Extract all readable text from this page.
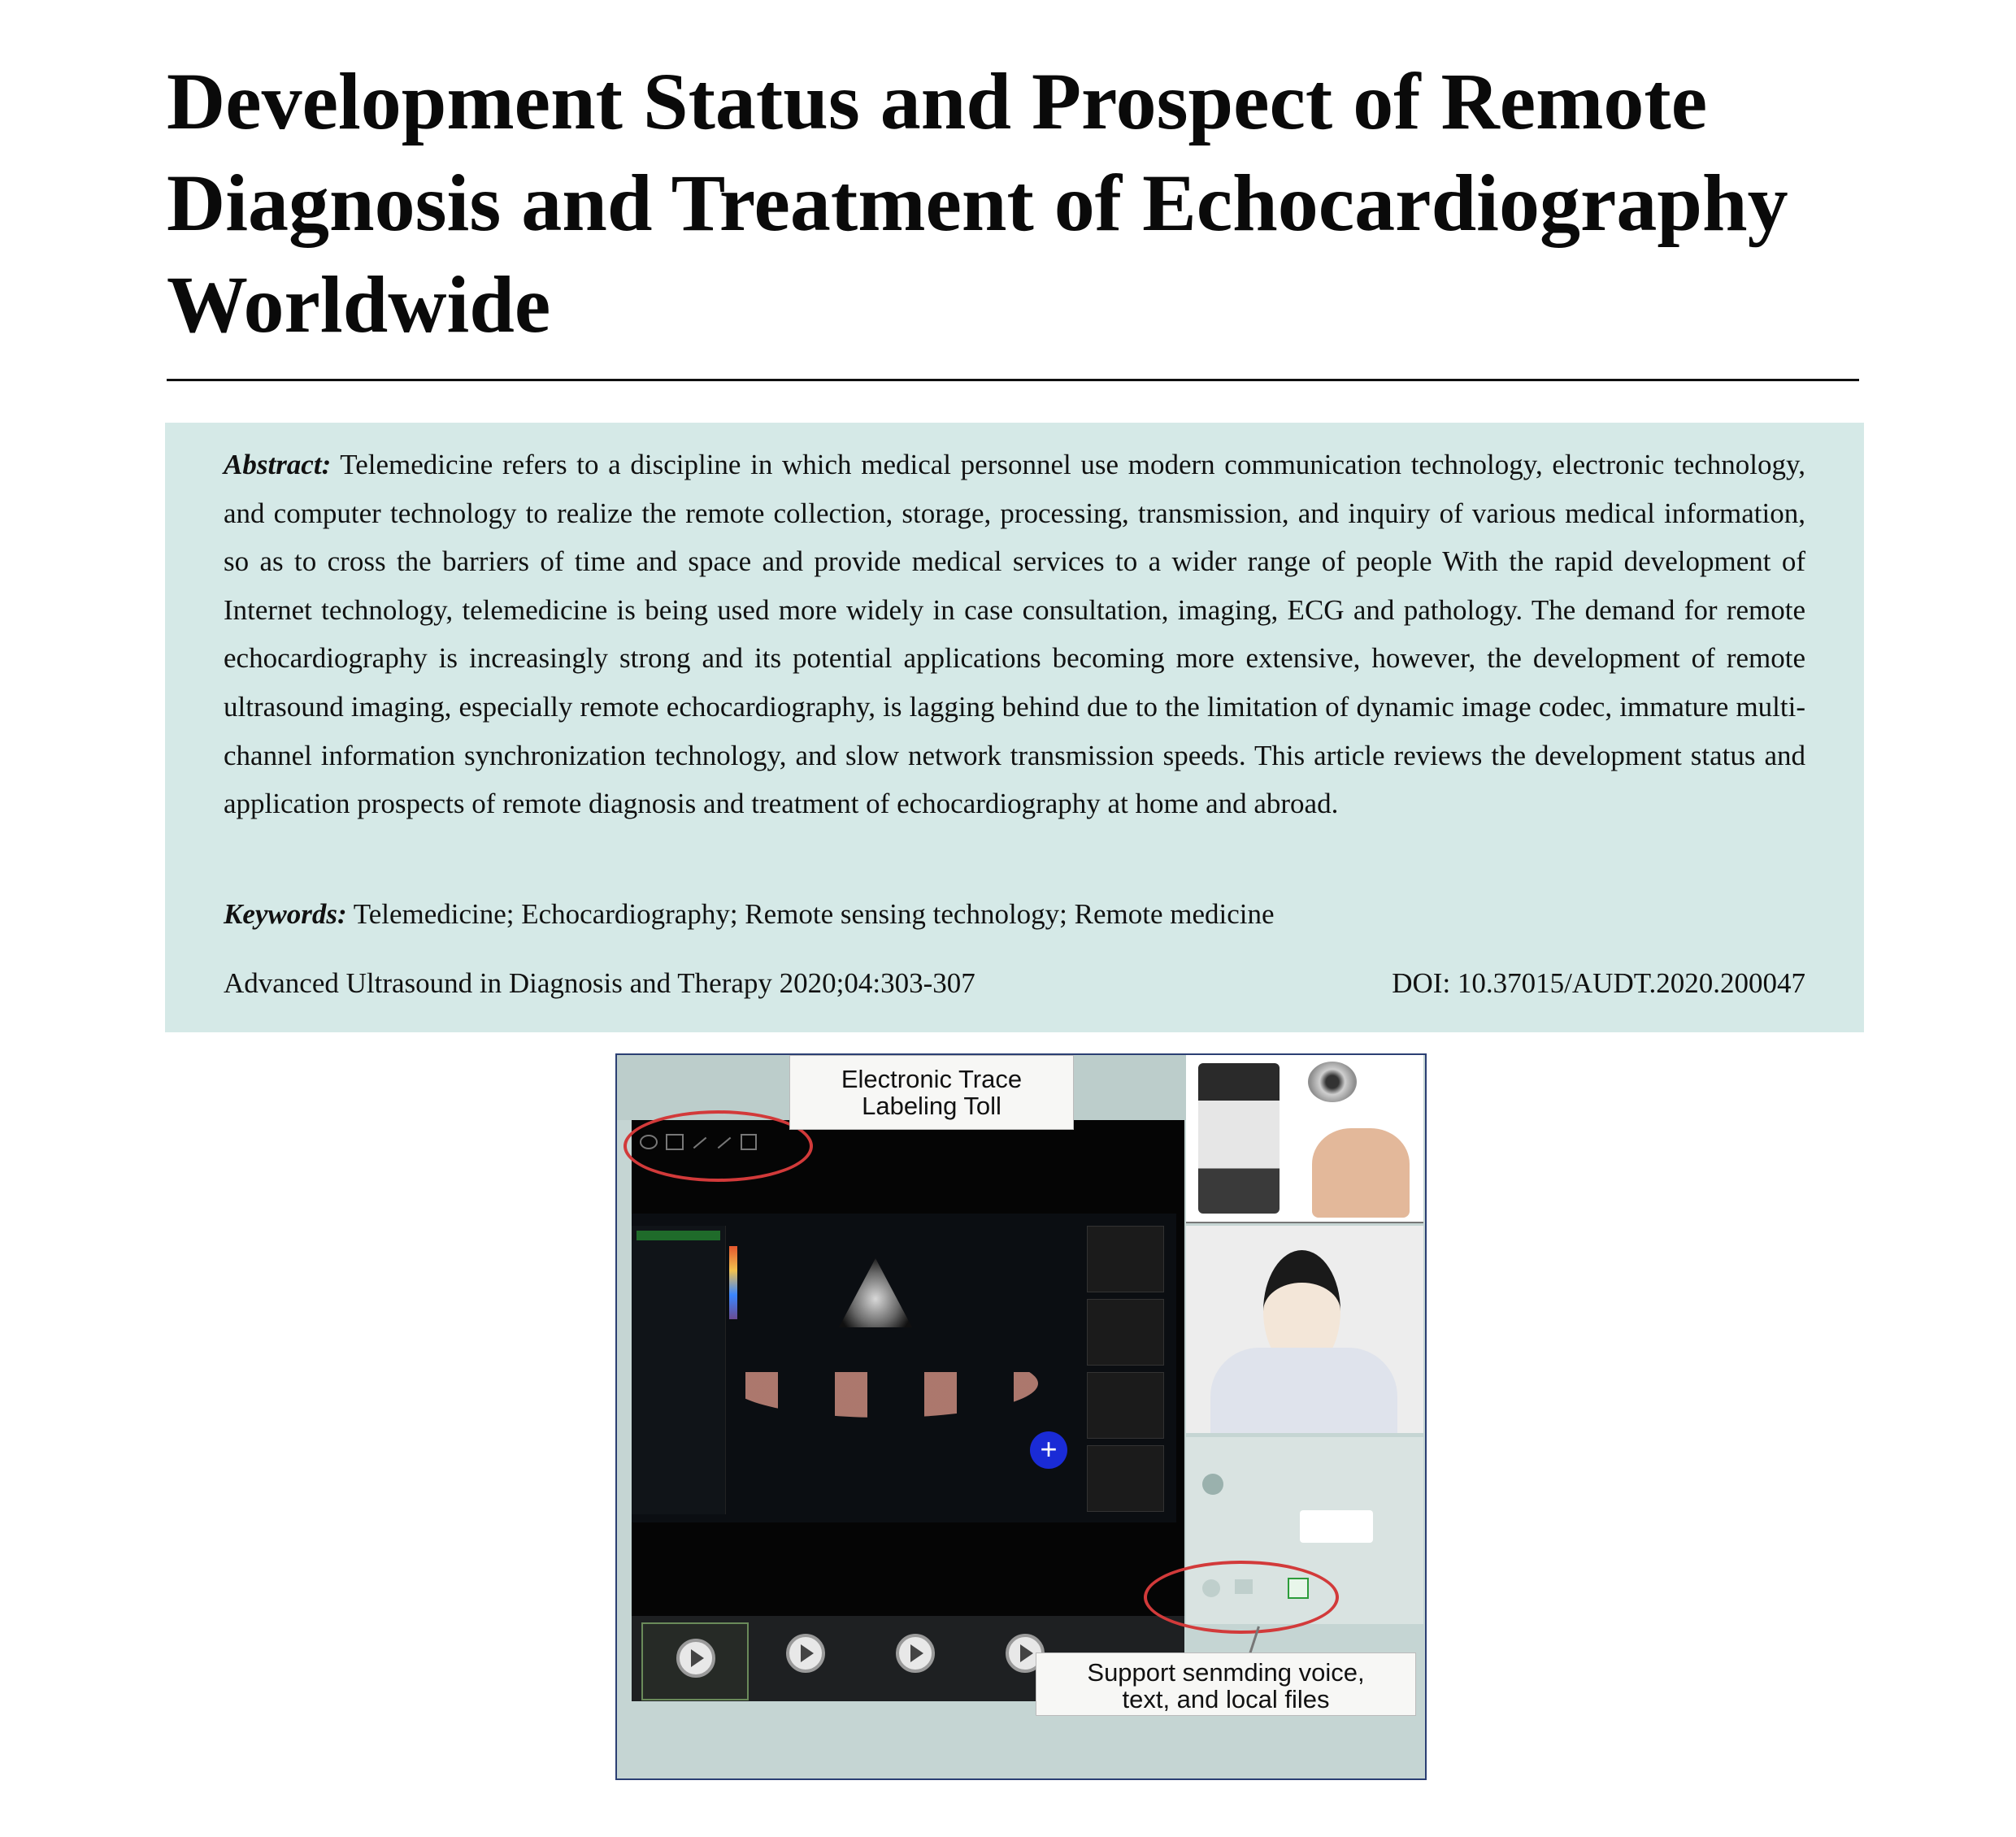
Development Status and Prospect of Remote
Diagnosis and Treatment of Echocardiography
Worldwide

Abstract: Telemedicine refers to a discipline in which medical personnel use modern communication technology, electronic technology, and computer technology to realize the remote collection, storage, processing, transmission, and inquiry of various medical information, so as to cross the barriers of time and space and provide medical services to a wider range of people With the rapid development of Internet technology, telemedicine is being used more widely in case consultation, imaging, ECG and pathology. The demand for remote echocardiography is increasingly strong and its potential applications becoming more extensive, however, the development of remote ultrasound imaging, especially remote echocardiography, is lagging behind due to the limitation of dynamic image codec, immature multi-channel information synchronization technology, and slow network transmission speeds. This article reviews the development status and application prospects of remote diagnosis and treatment of echocardiography at home and abroad.

Keywords: Telemedicine; Echocardiography; Remote sensing technology; Remote medicine

Advanced Ultrasound in Diagnosis and Therapy 2020;04:303-307	DOI: 10.37015/AUDT.2020.200047
+
Electronic Trace
Labeling Toll
Support senmding voice,
text, and local files
